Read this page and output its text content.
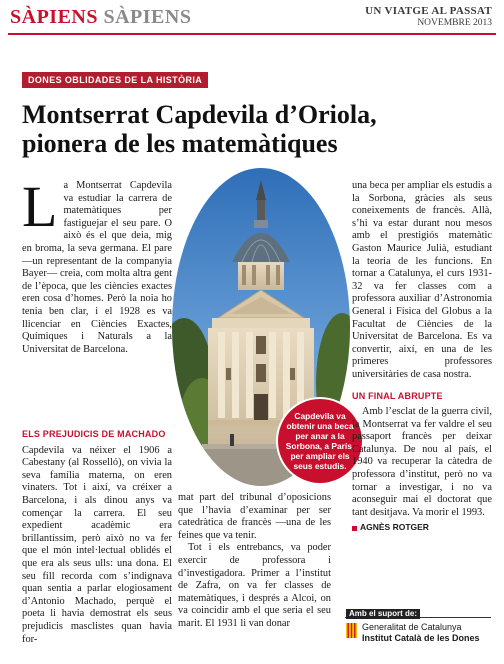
SÀPIENS SÀPIENS	UN VIATGE AL PASSAT
NOVEMBRE 2013
DONES OBLIDADES DE LA HISTÒRIA
Montserrat Capdevila d’Oriola,
pionera de les matemàtiques
L a Montserrat Capdevila va estudiar la carrera de matemàtiques per fastiguejar el seu pare. O això és el que deia, mig en broma, la seva germana. El pare —un representant de la companyia Bayer— creia, com molta altra gent de l’època, que les ciències exactes eren cosa d’homes. Però la noia ho tenia ben clar, i el 1928 es va llicenciar en Ciències Exactes, Químiques i Naturals a la Universitat de Barcelona.
ELS PREJUDICIS DE MACHADO
Capdevila va néixer el 1906 a Cabestany (al Rosselló), on vivia la seva família materna, on eren vinaters. Tot i així, va créixer a Barcelona, i als dinou anys va començar la carrera. El seu expedient acadèmic era brillantíssim, però això no va fer que el món intel·lectual oblidés el que era als seus ulls: una dona. El seu fill recorda com s’indignava quan sentia a parlar elogiosament d’Antonio Machado, perquè el poeta li havia demostrat els seus prejudicis masclistes quan havia for-
Capdevila va obtenir una beca per anar a la Sorbona, a París, per ampliar els seus estudis.
mat part del tribunal d’oposicions que l’havia d’examinar per ser catedràtica de francès —una de les feines que va tenir.
Tot i els entrebancs, va poder exercir de professora i d’investigadora. Primer a l’institut de Zafra, on va fer classes de matemàtiques, i després a Alcoi, on va coincidir amb el que seria el seu marit. El 1931 li van donar
una beca per ampliar els estudis a la Sorbona, gràcies als seus coneixements de francès. Allà, s’hi va estar durant nou mesos amb el prestigiós matemàtic Gaston Maurice Julià, estudiant la teoria de les funcions. En tornar a Catalunya, el curs 1931-32 va fer classes com a professora auxiliar d’Astronomia General i Física del Globus a la Facultat de Ciències de la Universitat de Barcelona. Es va convertir, així, en una de les primeres professores universitàries de casa nostra.
UN FINAL ABRUPTE
Amb l’esclat de la guerra civil, la Montserrat va fer valdre el seu passaport francès per deixar Catalunya. De nou al país, el 1940 va recuperar la càtedra de professora d’institut, però no va tornar a investigar, i no va aconseguir mai el doctorat que tant desitjava. Va morir el 1993.
AGNÈS ROTGER
Amb el suport de:
Generalitat de Catalunya
Institut Català de les Dones
